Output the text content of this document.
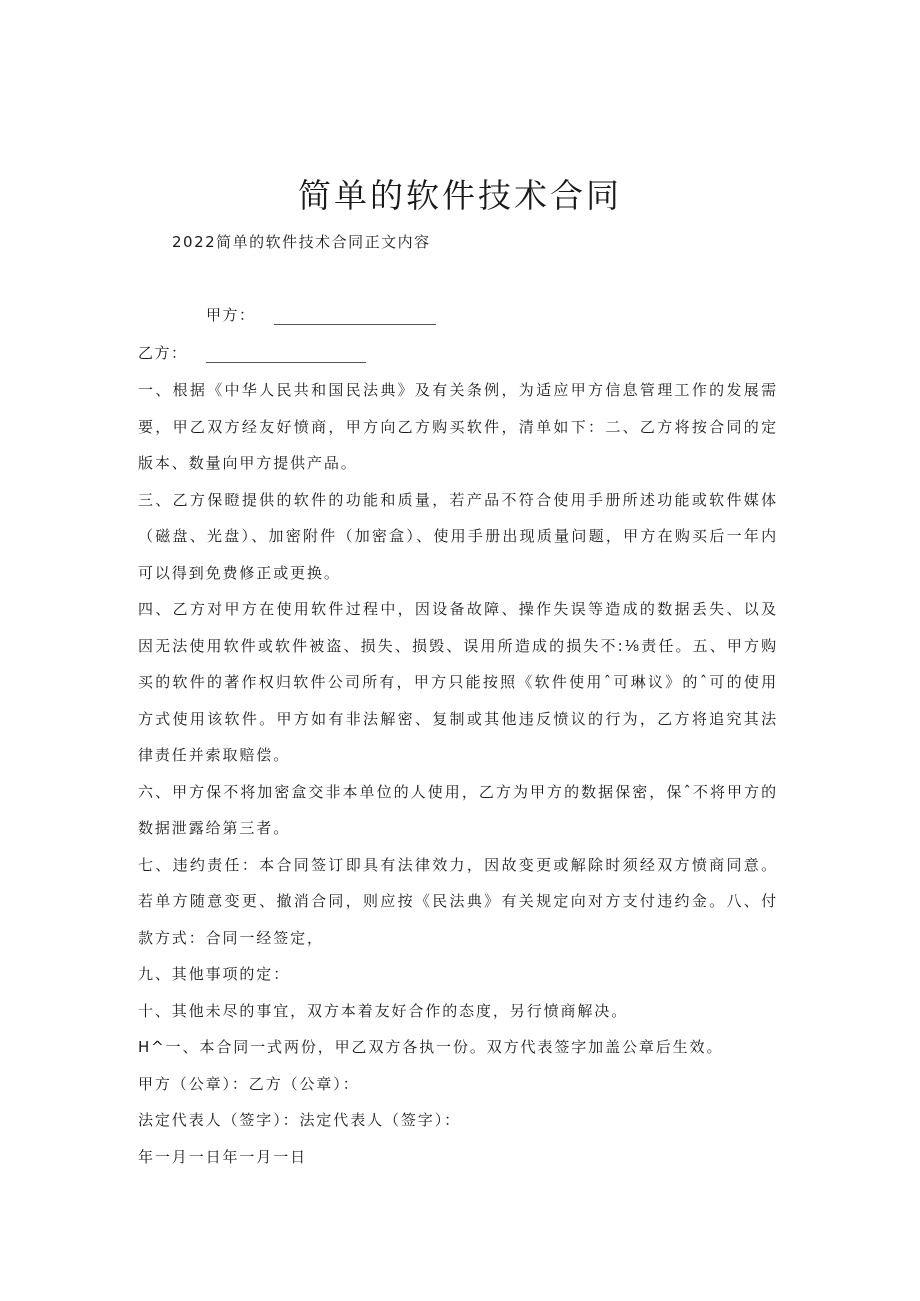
简单的软件技术合同
2022简单的软件技术合同正文内容
甲方：
乙方：

一、根据《中华人民共和国民法典》及有关条例，为适应甲方信息管理工作的发展需要，甲乙双方经友好愤商，甲方向乙方购买软件，清单如下：二、乙方将按合同的定版本、数量向甲方提供产品。

三、乙方保瞪提供的软件的功能和质量，若产品不符合使用手册所述功能或软件媒体（磁盘、光盘）、加密附件（加密盒）、使用手册出现质量问题，甲方在购买后一年内可以得到免费修正或更换。

四、乙方对甲方在使用软件过程中，因设备故障、操作失误等造成的数据丢失、以及因无法使用软件或软件被盗、损失、损毁、误用所造成的损失不:⅛责任。五、甲方购买的软件的著作权归软件公司所有，甲方只能按照《软件使用ˆ可琳议》的ˆ可的使用方式使用该软件。甲方如有非法解密、复制或其他违反愤议的行为，乙方将追究其法律责任并索取赔偿。

六、甲方保不将加密盒交非本单位的人使用，乙方为甲方的数据保密，保ˆ不将甲方的数据泄露给第三者。

七、违约责任：本合同签订即具有法律效力，因故变更或解除时须经双方愤商同意。若单方随意变更、撤消合同，则应按《民法典》有关规定向对方支付违约金。八、付款方式：合同一经签定，

九、其他事项的定：

十、其他未尽的事宜，双方本着友好合作的态度，另行愤商解决。

H^一、本合同一式两份，甲乙双方各执一份。双方代表签字加盖公章后生效。

甲方（公章）：乙方（公章）：

法定代表人（签字）：法定代表人（签字）：

年一月一日年一月一日
